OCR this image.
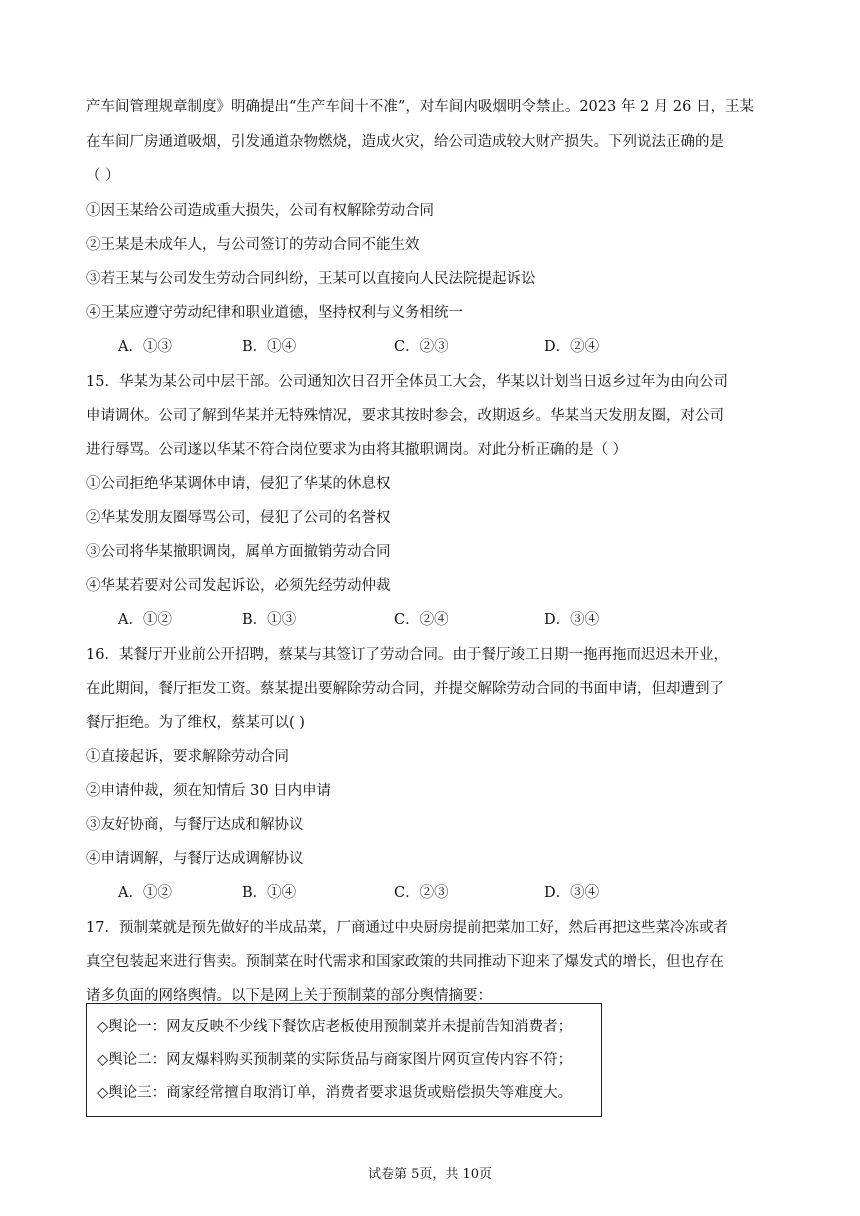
产车间管理规章制度》明确提出“生产车间十不准”，对车间内吸烟明令禁止。2023 年 2 月 26 日，王某
在车间厂房通道吸烟，引发通道杂物燃烧，造成火灾，给公司造成较大财产损失。下列说法正确的是
（ ）
①因王某给公司造成重大损失，公司有权解除劳动合同
②王某是未成年人，与公司签订的劳动合同不能生效
③若王某与公司发生劳动合同纠纷，王某可以直接向人民法院提起诉讼
④王某应遵守劳动纪律和职业道德，坚持权利与义务相统一
A．①③	B．①④	C．②③	D．②④
15．华某为某公司中层干部。公司通知次日召开全体员工大会，华某以计划当日返乡过年为由向公司
申请调休。公司了解到华某并无特殊情况，要求其按时参会，改期返乡。华某当天发朋友圈，对公司
进行辱骂。公司遂以华某不符合岗位要求为由将其撤职调岗。对此分析正确的是（ ）
①公司拒绝华某调休申请，侵犯了华某的休息权
②华某发朋友圈辱骂公司，侵犯了公司的名誉权
③公司将华某撤职调岗，属单方面撤销劳动合同
④华某若要对公司发起诉讼，必须先经劳动仲裁
A．①②	B．①③	C．②④	D．③④
16．某餐厅开业前公开招聘，蔡某与其签订了劳动合同。由于餐厅竣工日期一拖再拖而迟迟未开业，
在此期间，餐厅拒发工资。蔡某提出要解除劳动合同，并提交解除劳动合同的书面申请，但却遭到了
餐厅拒绝。为了维权，蔡某可以( )
①直接起诉，要求解除劳动合同
②申请仲裁，须在知情后 30 日内申请
③友好协商，与餐厅达成和解协议
④申请调解，与餐厅达成调解协议
A．①②	B．①④	C．②③	D．③④
17．预制菜就是预先做好的半成品菜，厂商通过中央厨房提前把菜加工好，然后再把这些菜冷冻或者
真空包装起来进行售卖。预制菜在时代需求和国家政策的共同推动下迎来了爆发式的增长，但也存在
诸多负面的网络舆情。以下是网上关于预制菜的部分舆情摘要：
◇舆论一：网友反映不少线下餐饮店老板使用预制菜并未提前告知消费者；
◇舆论二：网友爆料购买预制菜的实际货品与商家图片网页宣传内容不符；
◇舆论三：商家经常擅自取消订单，消费者要求退货或赔偿损失等难度大。
试卷第 5页，共 10页
